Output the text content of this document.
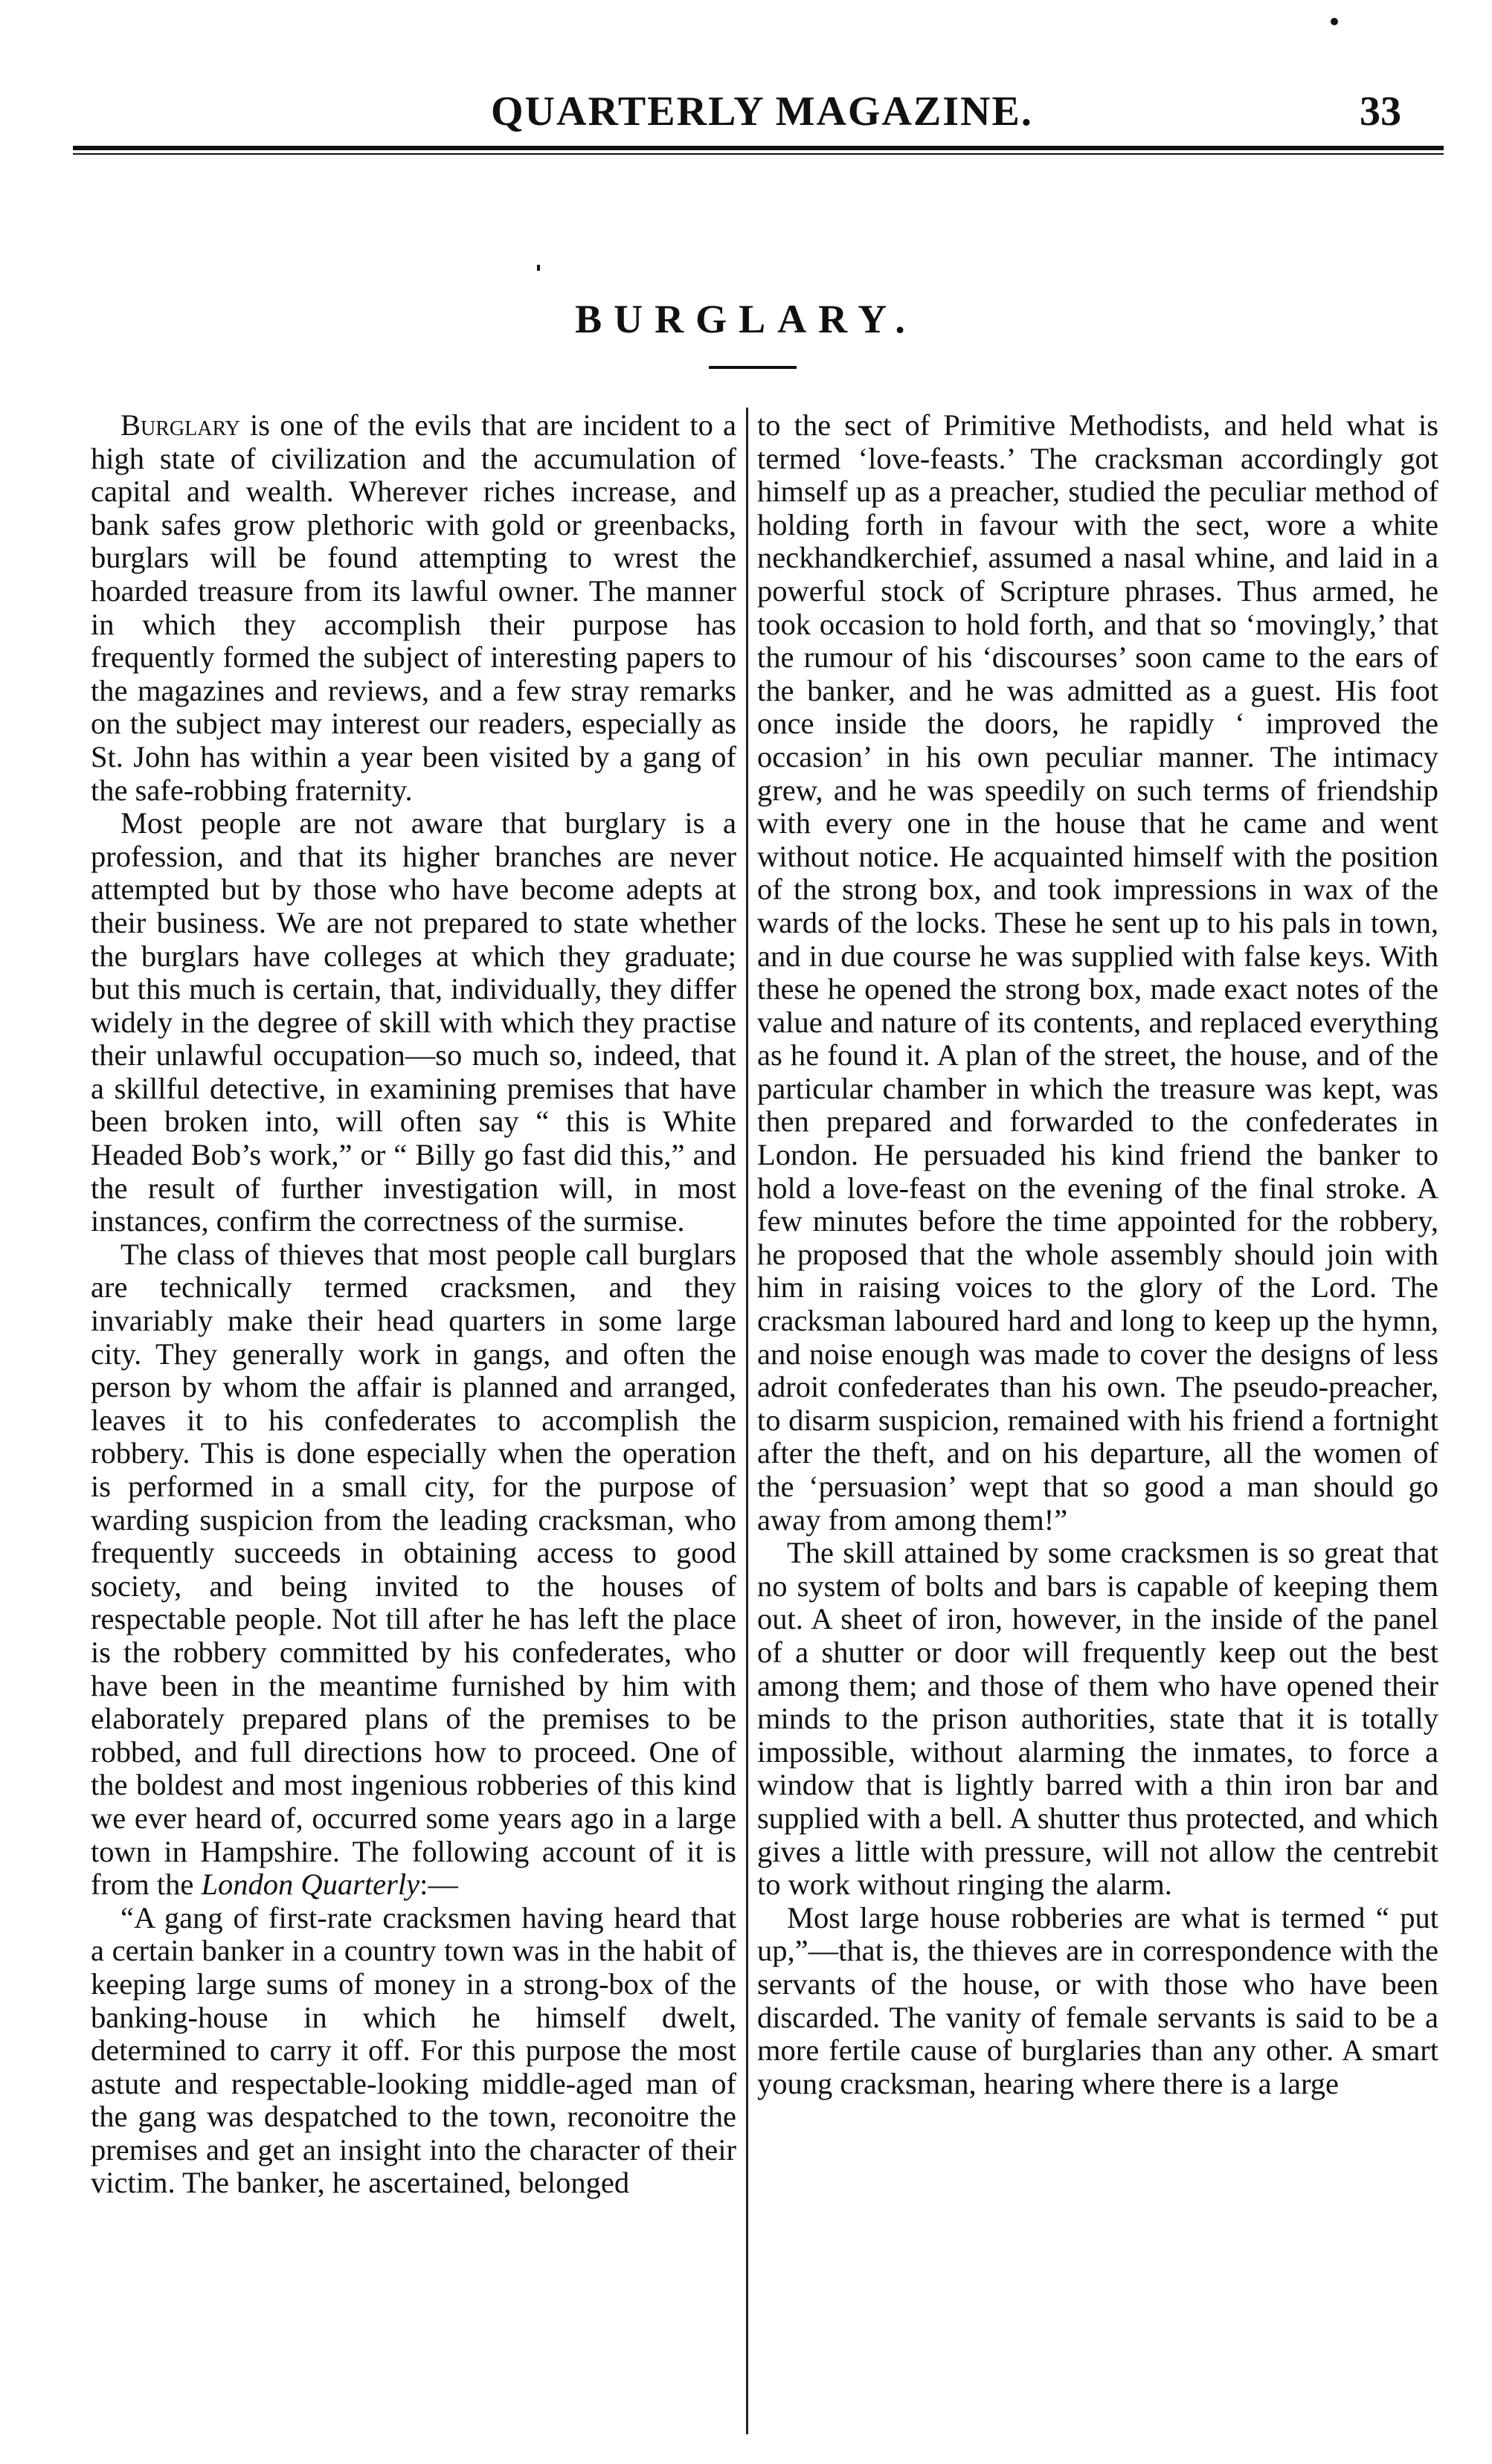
QUARTERLY MAGAZINE.	33
BURGLARY.

Burglary is one of the evils that are incident to a high state of civilization and the accumulation of capital and wealth. Wherever riches increase, and bank safes grow plethoric with gold or greenbacks, burglars will be found attempting to wrest the hoarded treasure from its lawful owner. The manner in which they accomplish their purpose has frequently formed the subject of interesting papers to the magazines and reviews, and a few stray remarks on the subject may interest our readers, especially as St. John has within a year been visited by a gang of the safe-robbing fraternity.

Most people are not aware that burglary is a profession, and that its higher branches are never attempted but by those who have become adepts at their business. We are not prepared to state whether the burglars have colleges at which they graduate; but this much is certain, that, individually, they differ widely in the degree of skill with which they practise their unlawful occupation—so much so, indeed, that a skillful detective, in examining premises that have been broken into, will often say “ this is White Headed Bob’s work,” or “ Billy go fast did this,” and the result of further investigation will, in most instances, confirm the correctness of the surmise.

The class of thieves that most people call burglars are technically termed cracksmen, and they invariably make their head quarters in some large city. They generally work in gangs, and often the person by whom the affair is planned and arranged, leaves it to his confederates to accomplish the robbery. This is done especially when the operation is performed in a small city, for the purpose of warding suspicion from the leading cracksman, who frequently succeeds in obtaining access to good society, and being invited to the houses of respectable people. Not till after he has left the place is the robbery committed by his confederates, who have been in the meantime furnished by him with elaborately prepared plans of the premises to be robbed, and full directions how to proceed. One of the boldest and most ingenious robberies of this kind we ever heard of, occurred some years ago in a large town in Hampshire. The following account of it is from the London Quarterly:—

“A gang of first-rate cracksmen having heard that a certain banker in a country town was in the habit of keeping large sums of money in a strong-box of the banking-house in which he himself dwelt, determined to carry it off. For this purpose the most astute and respectable-looking middle-aged man of the gang was despatched to the town, reconoitre the premises and get an insight into the character of their victim. The banker, he ascertained, belonged

to the sect of Primitive Methodists, and held what is termed ‘love-feasts.’ The cracksman accordingly got himself up as a preacher, studied the peculiar method of holding forth in favour with the sect, wore a white neckhandkerchief, assumed a nasal whine, and laid in a powerful stock of Scripture phrases. Thus armed, he took occasion to hold forth, and that so ‘movingly,’ that the rumour of his ‘discourses’ soon came to the ears of the banker, and he was admitted as a guest. His foot once inside the doors, he rapidly ‘ improved the occasion’ in his own peculiar manner. The intimacy grew, and he was speedily on such terms of friendship with every one in the house that he came and went without notice. He acquainted himself with the position of the strong box, and took impressions in wax of the wards of the locks. These he sent up to his pals in town, and in due course he was supplied with false keys. With these he opened the strong box, made exact notes of the value and nature of its contents, and replaced everything as he found it. A plan of the street, the house, and of the particular chamber in which the treasure was kept, was then prepared and forwarded to the confederates in London. He persuaded his kind friend the banker to hold a love-feast on the evening of the final stroke. A few minutes before the time appointed for the robbery, he proposed that the whole assembly should join with him in raising voices to the glory of the Lord. The cracksman laboured hard and long to keep up the hymn, and noise enough was made to cover the designs of less adroit confederates than his own. The pseudo-preacher, to disarm suspicion, remained with his friend a fortnight after the theft, and on his departure, all the women of the ‘persuasion’ wept that so good a man should go away from among them!”

The skill attained by some cracksmen is so great that no system of bolts and bars is capable of keeping them out. A sheet of iron, however, in the inside of the panel of a shutter or door will frequently keep out the best among them; and those of them who have opened their minds to the prison authorities, state that it is totally impossible, without alarming the inmates, to force a window that is lightly barred with a thin iron bar and supplied with a bell. A shutter thus protected, and which gives a little with pressure, will not allow the centrebit to work without ringing the alarm.

Most large house robberies are what is termed “ put up,”—that is, the thieves are in correspondence with the servants of the house, or with those who have been discarded. The vanity of female servants is said to be a more fertile cause of burglaries than any other. A smart young cracksman, hearing where there is a large
